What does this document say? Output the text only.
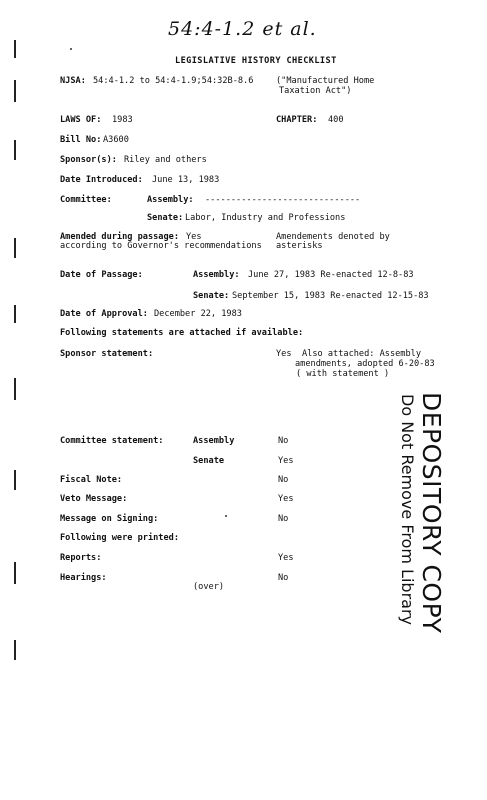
54:4-1.2 et al.
LEGISLATIVE HISTORY CHECKLIST
NJSA: 54:4-1.2 to 54:4-1.9;54:32B-8.6	("Manufactured Home
Taxation Act")
LAWS OF: 1983	CHAPTER: 400
Bill No: A3600
Sponsor(s): Riley and others
Date Introduced: June 13, 1983
Committee:	Assembly: ------------------------------
Senate: Labor, Industry and Professions
Amended during passage: Yes
according to Governor's recommendations
Amendements denoted by
asterisks
Date of Passage:	Assembly: June 27, 1983 Re-enacted 12-8-83
Senate: September 15, 1983 Re-enacted 12-15-83
Date of Approval: December 22, 1983
Following statements are attached if available:
Sponsor statement:	Yes Also attached: Assembly
amendments, adopted 6-20-83
( with statement )
Committee statement:	Assembly	No
Senate	Yes
Fiscal Note:	No
Veto Message:	Yes
Message on Signing:	No
Following were printed:
Reports:	Yes
Hearings:	No
(over)	DEPOSITORY COPY
Do Not Remove From Library
